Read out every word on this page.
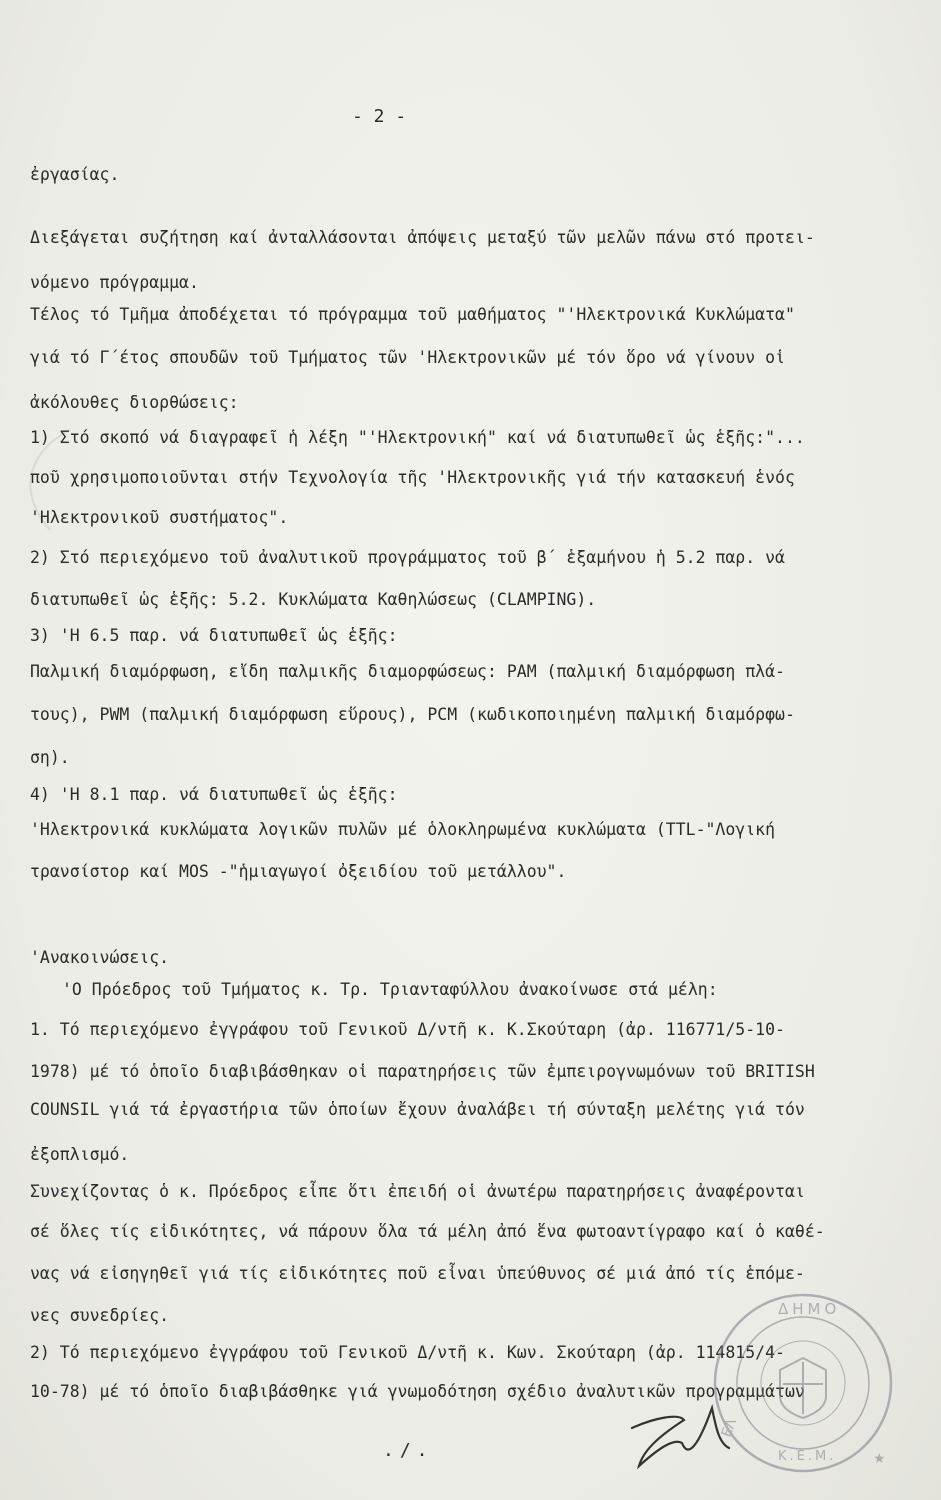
- 2 -
ἐργασίας.
Διεξάγεται συζήτηση καί ἀνταλλάσονται ἀπόψεις μεταξύ τῶν μελῶν πάνω στό προτει-
νόμενο πρόγραμμα.
Τέλος τό Τμῆμα ἀποδέχεται τό πρόγραμμα τοῦ μαθήματος "'Ηλεκτρονικά Κυκλώματα"
γιά τό Γ΄έτος σπουδῶν τοῦ Τμήματος τῶν 'Ηλεκτρονικῶν μέ τόν ὅρο νά γίνουν οἱ
ἀκόλουθες διορθώσεις:
1) Στό σκοπό νά διαγραφεῖ ἡ λέξη "'Ηλεκτρονική" καί νά διατυπωθεῖ ὡς ἑξῆς:"...
ποῦ χρησιμοποιοῦνται στήν Τεχνολογία τῆς 'Ηλεκτρονικῆς γιά τήν κατασκευή ἑνός
'Ηλεκτρονικοῦ συστήματος".
2) Στό περιεχόμενο τοῦ ἀναλυτικοῦ προγράμματος τοῦ β΄ ἑξαμήνου ἡ 5.2 παρ. νά
διατυπωθεῖ ὡς ἑξῆς: 5.2. Κυκλώματα Καθηλώσεως (CLAMPING).
3) 'Η 6.5 παρ. νά διατυπωθεῖ ὡς ἑξῆς:
Παλμική διαμόρφωση, εἴδη παλμικῆς διαμορφώσεως: PAM (παλμική διαμόρφωση πλά-
τους), PWM (παλμική διαμόρφωση εὕρους), PCM (κωδικοποιημένη παλμική διαμόρφω-
ση).
4) 'Η 8.1 παρ. νά διατυπωθεῖ ὡς ἑξῆς:
'Ηλεκτρονικά κυκλώματα λογικῶν πυλῶν μέ ὁλοκληρωμένα κυκλώματα (TTL-"Λογική
τρανσίστορ καί MOS -"ἡμιαγωγοί ὀξειδίου τοῦ μετάλλου".
'Ανακοινώσεις.
'Ο Πρόεδρος τοῦ Τμήματος κ. Τρ. Τριανταφύλλου ἀνακοίνωσε στά μέλη:
1. Τό περιεχόμενο ἐγγράφου τοῦ Γενικοῦ Δ/ντῆ κ. Κ.Σκούταρη (ἀρ. 116771/5-10-
1978) μέ τό ὁποῖο διαβιβάσθηκαν οἱ παρατηρήσεις τῶν ἐμπειρογνωμόνων τοῦ BRITISH
COUNSIL γιά τά ἐργαστήρια τῶν ὁποίων ἔχουν ἀναλάβει τή σύνταξη μελέτης γιά τόν
ἐξοπλισμό.
Συνεχίζοντας ὁ κ. Πρόεδρος εἶπε ὅτι ἐπειδή οἱ ἀνωτέρω παρατηρήσεις ἀναφέρονται
σέ ὅλες τίς εἰδικότητες, νά πάρουν ὅλα τά μέλη ἀπό ἕνα φωτοαντίγραφο καί ὁ καθέ-
νας νά εἰσηγηθεῖ γιά τίς εἰδικότητες ποῦ εἶναι ὑπεύθυνος σέ μιά ἀπό τίς ἑπόμε-
νες συνεδρίες.
2) Τό περιεχόμενο ἐγγράφου τοῦ Γενικοῦ Δ/ντῆ κ. Κων. Σκούταρη (ἀρ. 114815/4-
10-78) μέ τό ὁποῖο διαβιβάσθηκε γιά γνωμοδότηση σχέδιο ἀναλυτικῶν προγραμμάτων
ΔΗΜΟ
ΕΛ
Κ.Ε.Μ.	★
./.
